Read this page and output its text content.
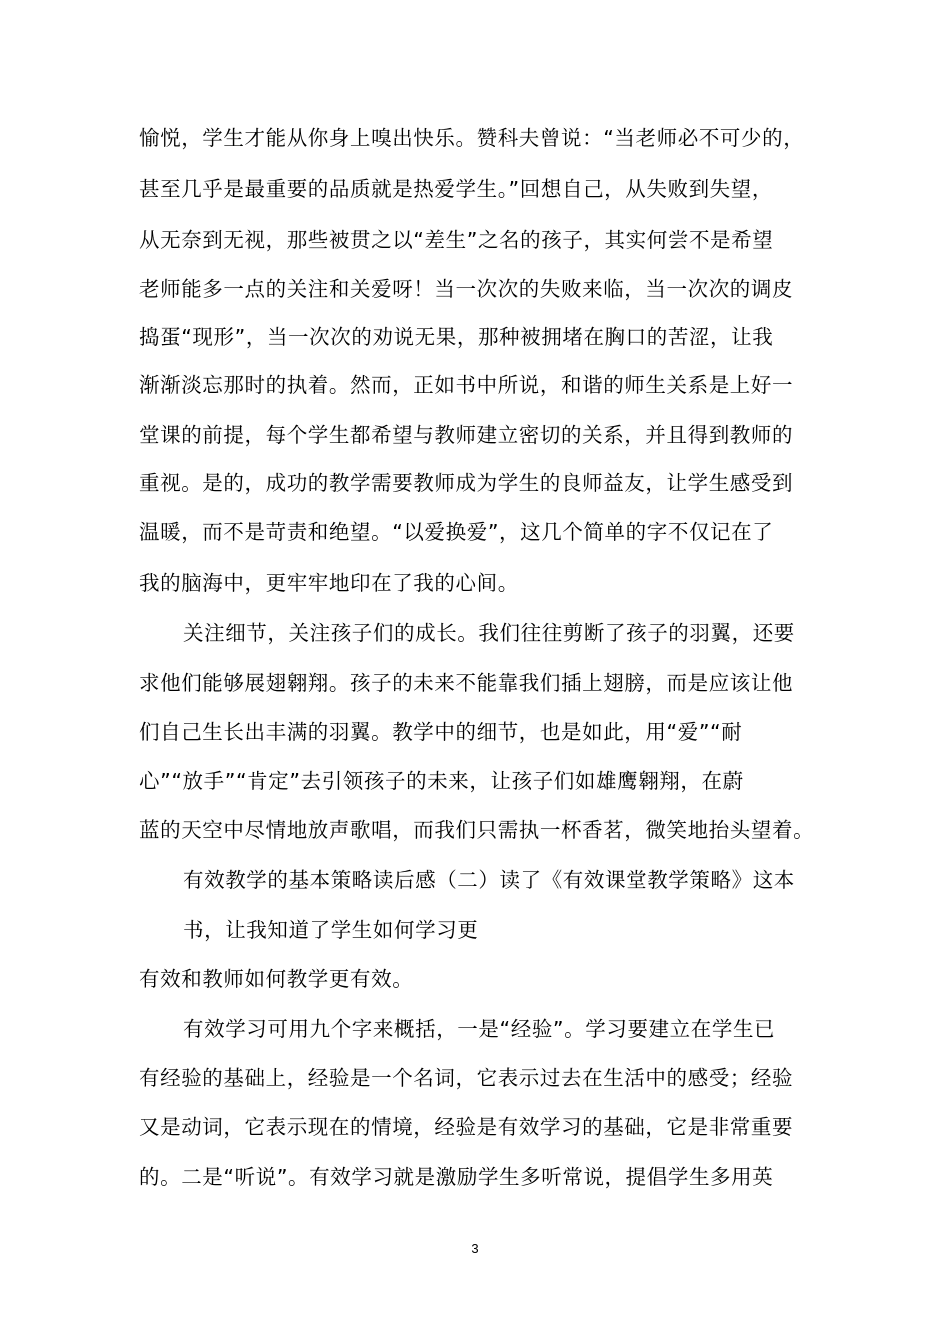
愉悦，学生才能从你身上嗅出快乐。赞科夫曾说：“当老师必不可少的，
甚至几乎是最重要的品质就是热爱学生。”回想自己，从失败到失望，
从无奈到无视，那些被贯之以“差生”之名的孩子，其实何尝不是希望
老师能多一点的关注和关爱呀！当一次次的失败来临，当一次次的调皮
捣蛋“现形”，当一次次的劝说无果，那种被拥堵在胸口的苦涩，让我
渐渐淡忘那时的执着。然而，正如书中所说，和谐的师生关系是上好一
堂课的前提，每个学生都希望与教师建立密切的关系，并且得到教师的
重视。是的，成功的教学需要教师成为学生的良师益友，让学生感受到
温暖，而不是苛责和绝望。“以爱换爱”，这几个简单的字不仅记在了
我的脑海中，更牢牢地印在了我的心间。
关注细节，关注孩子们的成长。我们往往剪断了孩子的羽翼，还要
求他们能够展翅翱翔。孩子的未来不能靠我们插上翅膀，而是应该让他
们自己生长出丰满的羽翼。教学中的细节，也是如此，用“爱”“耐
心”“放手”“肯定”去引领孩子的未来，让孩子们如雄鹰翱翔，在蔚
蓝的天空中尽情地放声歌唱，而我们只需执一杯香茗，微笑地抬头望着。
有效教学的基本策略读后感（二）读了《有效课堂教学策略》这本
书，让我知道了学生如何学习更
有效和教师如何教学更有效。
有效学习可用九个字来概括，一是“经验”。学习要建立在学生已
有经验的基础上，经验是一个名词，它表示过去在生活中的感受；经验
又是动词，它表示现在的情境，经验是有效学习的基础，它是非常重要
的。二是“听说”。有效学习就是激励学生多听常说，提倡学生多用英
3
